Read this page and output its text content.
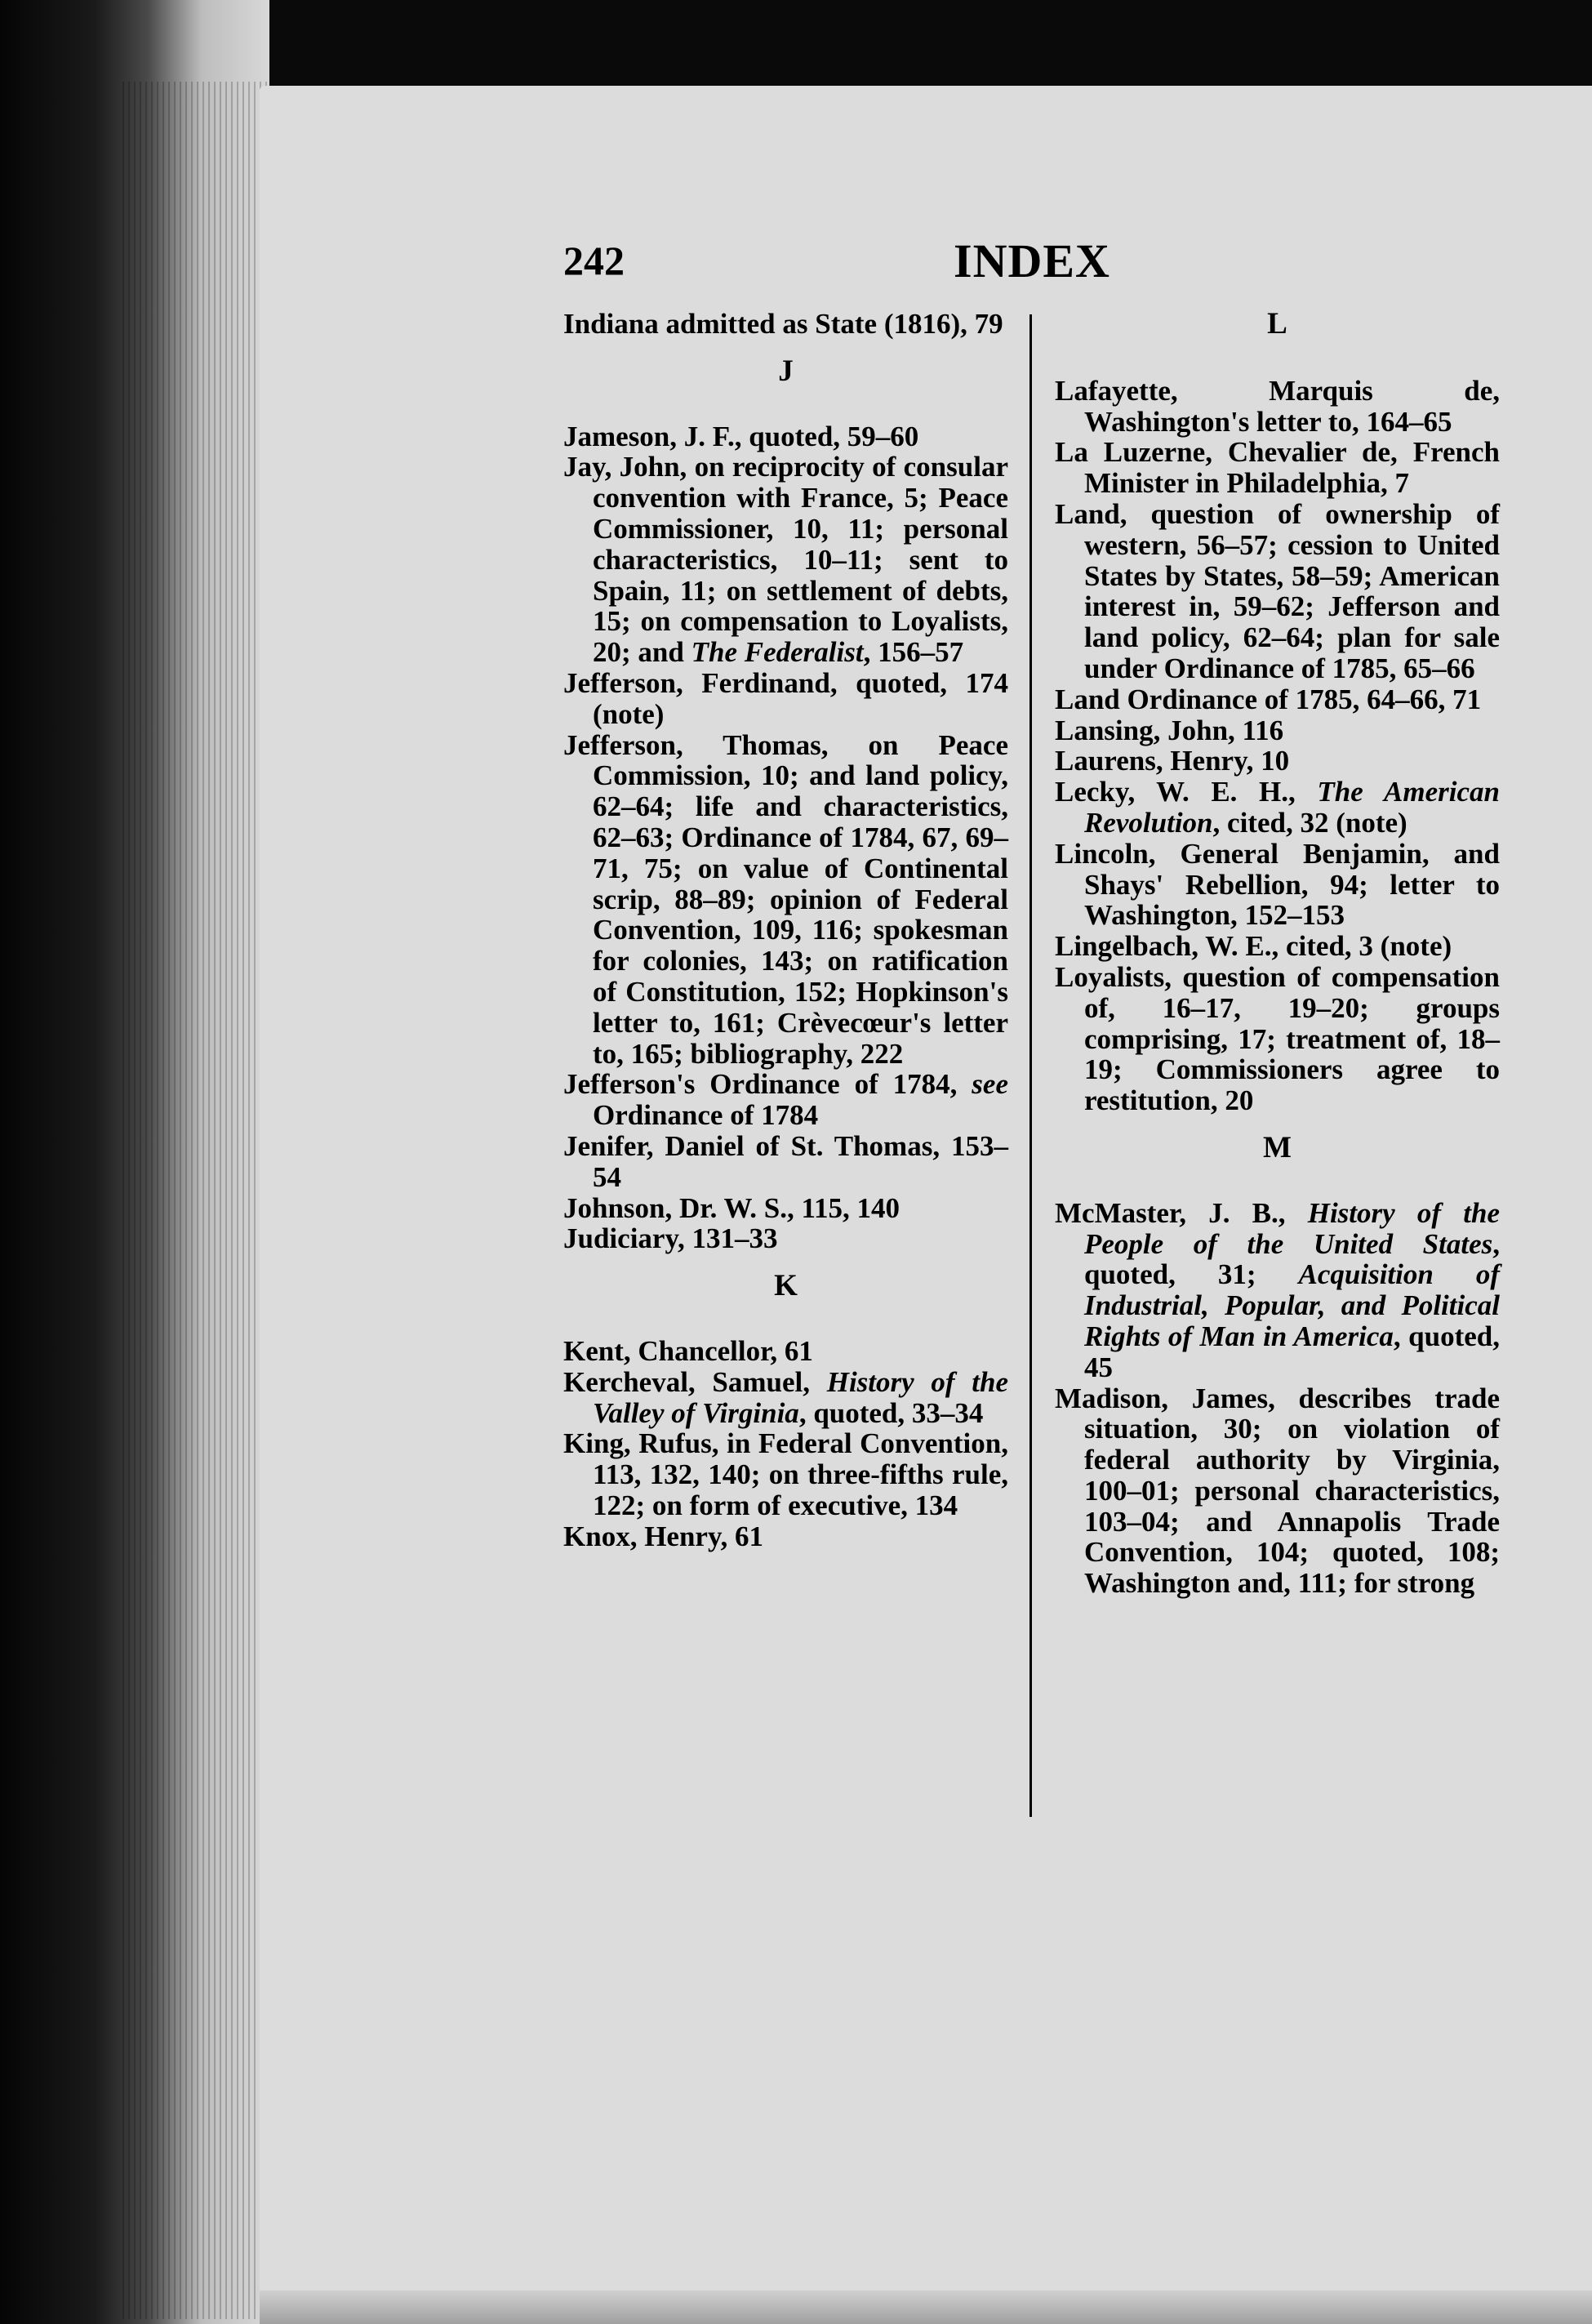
242	INDEX

Indiana admitted as State (1816), 79

J

Jameson, J. F., quoted, 59–60

Jay, John, on reciprocity of consular convention with France, 5; Peace Commissioner, 10, 11; personal characteristics, 10–11; sent to Spain, 11; on settlement of debts, 15; on compensation to Loyalists, 20; and The Federalist, 156–57

Jefferson, Ferdinand, quoted, 174 (note)

Jefferson, Thomas, on Peace Commission, 10; and land policy, 62–64; life and characteristics, 62–63; Ordinance of 1784, 67, 69–71, 75; on value of Continental scrip, 88–89; opinion of Federal Convention, 109, 116; spokesman for colonies, 143; on ratification of Constitution, 152; Hopkinson's letter to, 161; Crèvecœur's letter to, 165; bibliography, 222

Jefferson's Ordinance of 1784, see Ordinance of 1784

Jenifer, Daniel of St. Thomas, 153–54

Johnson, Dr. W. S., 115, 140

Judiciary, 131–33

K

Kent, Chancellor, 61

Kercheval, Samuel, History of the Valley of Virginia, quoted, 33–34

King, Rufus, in Federal Convention, 113, 132, 140; on three-fifths rule, 122; on form of executive, 134

Knox, Henry, 61

L

Lafayette, Marquis de, Washington's letter to, 164–65

La Luzerne, Chevalier de, French Minister in Philadelphia, 7

Land, question of ownership of western, 56–57; cession to United States by States, 58–59; American interest in, 59–62; Jefferson and land policy, 62–64; plan for sale under Ordinance of 1785, 65–66

Land Ordinance of 1785, 64–66, 71

Lansing, John, 116

Laurens, Henry, 10

Lecky, W. E. H., The American Revolution, cited, 32 (note)

Lincoln, General Benjamin, and Shays' Rebellion, 94; letter to Washington, 152–153

Lingelbach, W. E., cited, 3 (note)

Loyalists, question of compensation of, 16–17, 19–20; groups comprising, 17; treatment of, 18–19; Commissioners agree to restitution, 20

M

McMaster, J. B., History of the People of the United States, quoted, 31; Acquisition of Industrial, Popular, and Political Rights of Man in America, quoted, 45

Madison, James, describes trade situation, 30; on violation of federal authority by Virginia, 100–01; personal characteristics, 103–04; and Annapolis Trade Convention, 104; quoted, 108; Washington and, 111; for strong
